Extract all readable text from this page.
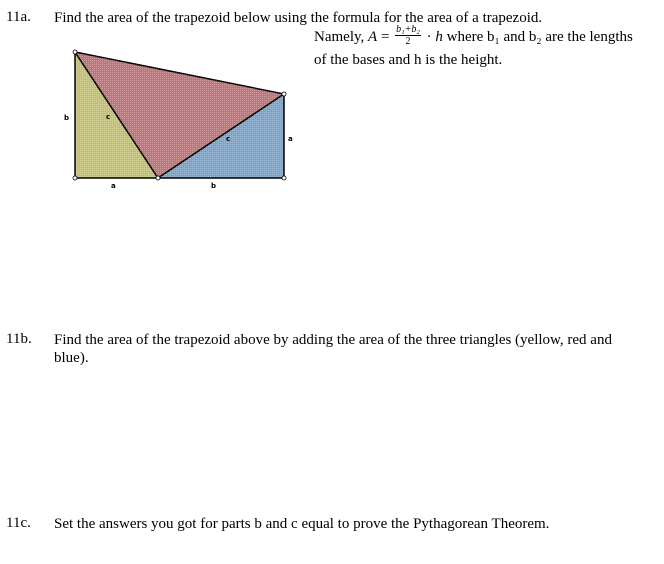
11a. Find the area of the trapezoid below using the formula for the area of a trapezoid.
Namely, $A = \frac{\text{b₁+b₂}}{2} \cdot h$ where b₁ and b₂ are the lengths of the bases and h is the height.
b	c
c	a
a	b
11b. Find the area of the trapezoid above by adding the area of the three triangles (yellow, red and blue).
11c. Set the answers you got for parts b and c equal to prove the Pythagorean Theorem.
